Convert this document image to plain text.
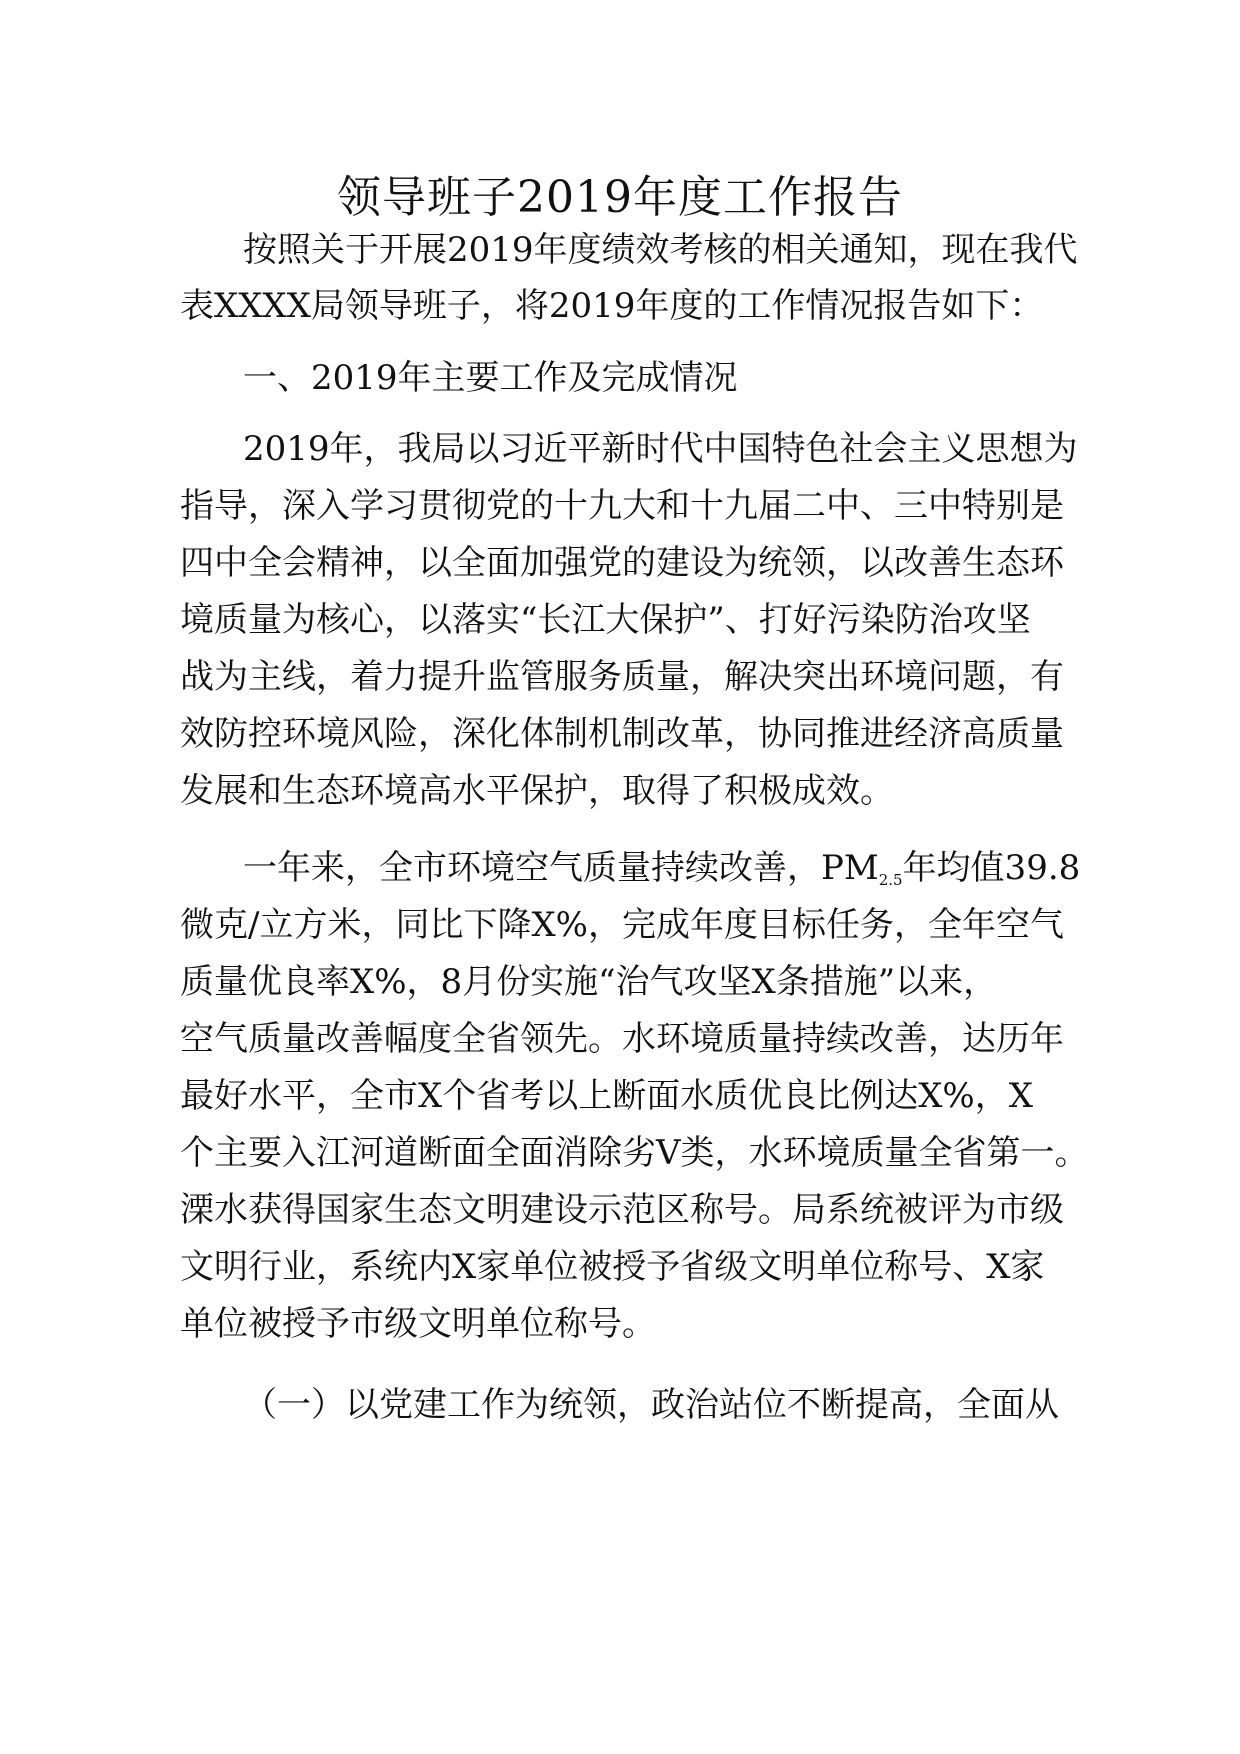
领导班子2019年度工作报告
按照关于开展2019年度绩效考核的相关通知，现在我代
表XXXX局领导班子，将2019年度的工作情况报告如下：
一、2019年主要工作及完成情况
2019年，我局以习近平新时代中国特色社会主义思想为
指导，深入学习贯彻党的十九大和十九届二中、三中特别是
四中全会精神，以全面加强党的建设为统领，以改善生态环
境质量为核心，以落实“长江大保护”、打好污染防治攻坚
战为主线，着力提升监管服务质量，解决突出环境问题，有
效防控环境风险，深化体制机制改革，协同推进经济高质量
发展和生态环境高水平保护，取得了积极成效。
一年来，全市环境空气质量持续改善，$PM_{2.5}$年均值39.8
微克/立方米，同比下降X%，完成年度目标任务，全年空气
质量优良率X%，8月份实施“治气攻坚X条措施”以来，
空气质量改善幅度全省领先。水环境质量持续改善，达历年
最好水平，全市X个省考以上断面水质优良比例达X%，X
个主要入江河道断面全面消除劣Ⅴ类，水环境质量全省第一。
溧水获得国家生态文明建设示范区称号。局系统被评为市级
文明行业，系统内X家单位被授予省级文明单位称号、X家
单位被授予市级文明单位称号。
（一）以党建工作为统领，政治站位不断提高，全面从
